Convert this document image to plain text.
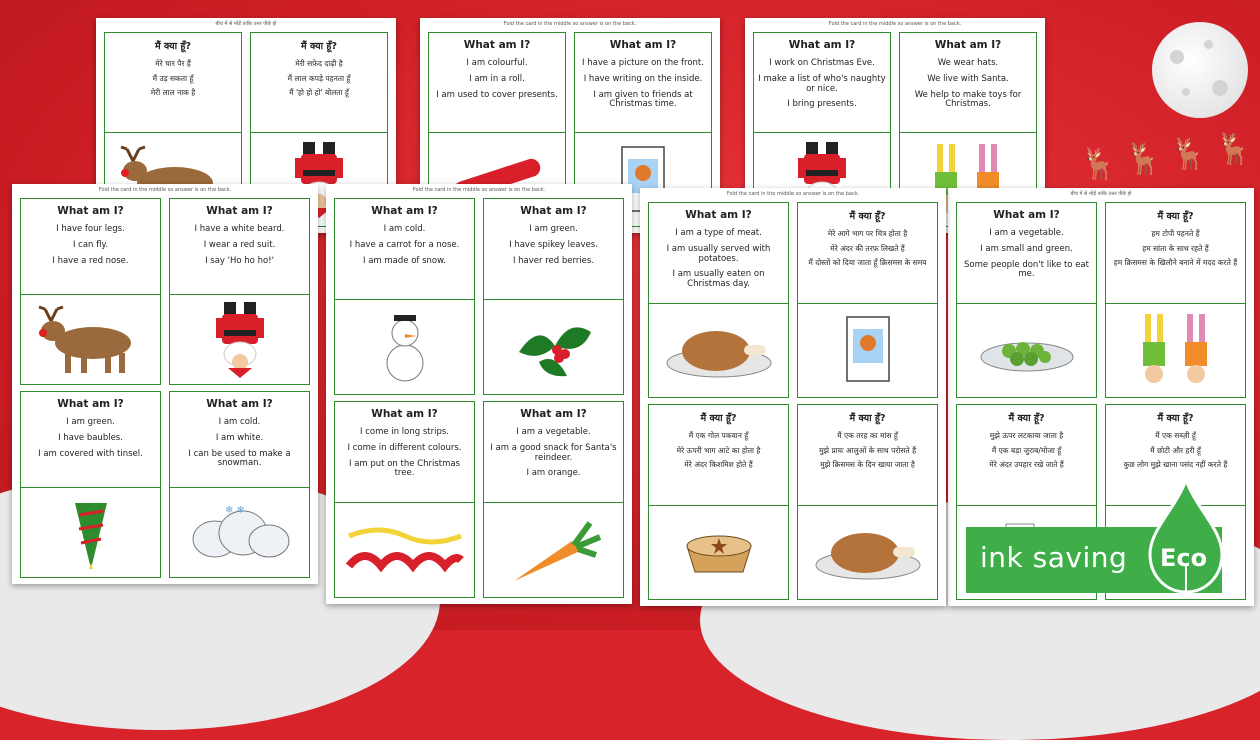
🦌 🦌 🦌 🦌
बीच में से मोड़ें ताकि उत्तर पीछे हो
मैं क्या हूँ?
मेरे चार पैर हैं
मैं उड़ सकता हूँ
मेरी लाल नाक है
मैं क्या हूँ?
मेरी सफ़ेद दाढ़ी है
मैं लाल कपड़े पहनता हूँ
मैं 'हो हो हो' बोलता हूँ
Fold the card in the middle so answer is on the back.
What am I?
I am colourful.
I am in a roll.
I am used to cover presents.
What am I?
I have a picture on the front.
I have writing on the inside.
I am given to friends at Christmas time.
Fold the card in the middle so answer is on the back.
What am I?
I work on Christmas Eve.
I make a list of who's naughty or nice.
I bring presents.
What am I?
We wear hats.
We live with Santa.
We help to make toys for Christmas.
बीच में से मोड़ें ताकि उत्तर पीछे हो
What am I?
I am a vegetable.
I am small and green.
Some people don't like to eat me.
मैं क्या हूँ?
हम टोपी पहनते हैं
हम सांता के साथ रहते हैं
हम क्रिसमस के खिलौने बनाने में मदद करते हैं
मैं क्या हूँ?
मुझे ऊपर लटकाया जाता है
मैं एक बड़ा जुराब/मोजा हूँ
मेरे अंदर उपहार रखे जाते हैं
मैं क्या हूँ?
मैं एक सब्ज़ी हूँ
मैं छोटी और हरी हूँ
कुछ लोग मुझे खाना पसंद नहीं करते हैं
Fold the card in the middle so answer is on the back.
What am I?
I am a type of meat.
I am usually served with potatoes.
I am usually eaten on Christmas day.
मैं क्या हूँ?
मेरे आगे भाग पर चित्र होता है
मेरे अंदर की तरफ़ लिखते हैं
मैं दोस्तों को दिया जाता हूँ क्रिसमस के समय
मैं क्या हूँ?
मैं एक गोल पकवान हूँ
मेरे ऊपरी भाग आटे का होता है
मेरे अंदर किशमिश होते हैं
मैं क्या हूँ?
मैं एक तरह का मांस हूँ
मुझे प्रायः आलुओं के साथ परोसते हैं
मुझे क्रिसमस के दिन खाया जाता है
Fold the card in the middle so answer is on the back.
What am I?
I am cold.
I have a carrot for a nose.
I am made of snow.
What am I?
I am green.
I have spikey leaves.
I haver red berries.
What am I?
I come in long strips.
I come in different colours.
I am put on the Christmas tree.
What am I?
I am a vegetable.
I am a good snack for Santa's reindeer.
I am orange.
Fold the card in the middle so answer is on the back.
What am I?
I have four legs.
I can fly.
I have a red nose.
What am I?
I have a white beard.
I wear a red suit.
I say 'Ho ho ho!'
What am I?
I am green.
I have baubles.
I am covered with tinsel.
What am I?
I am cold.
I am white.
I can be used to make a snowman.
❄ ❄
ink saving Eco
